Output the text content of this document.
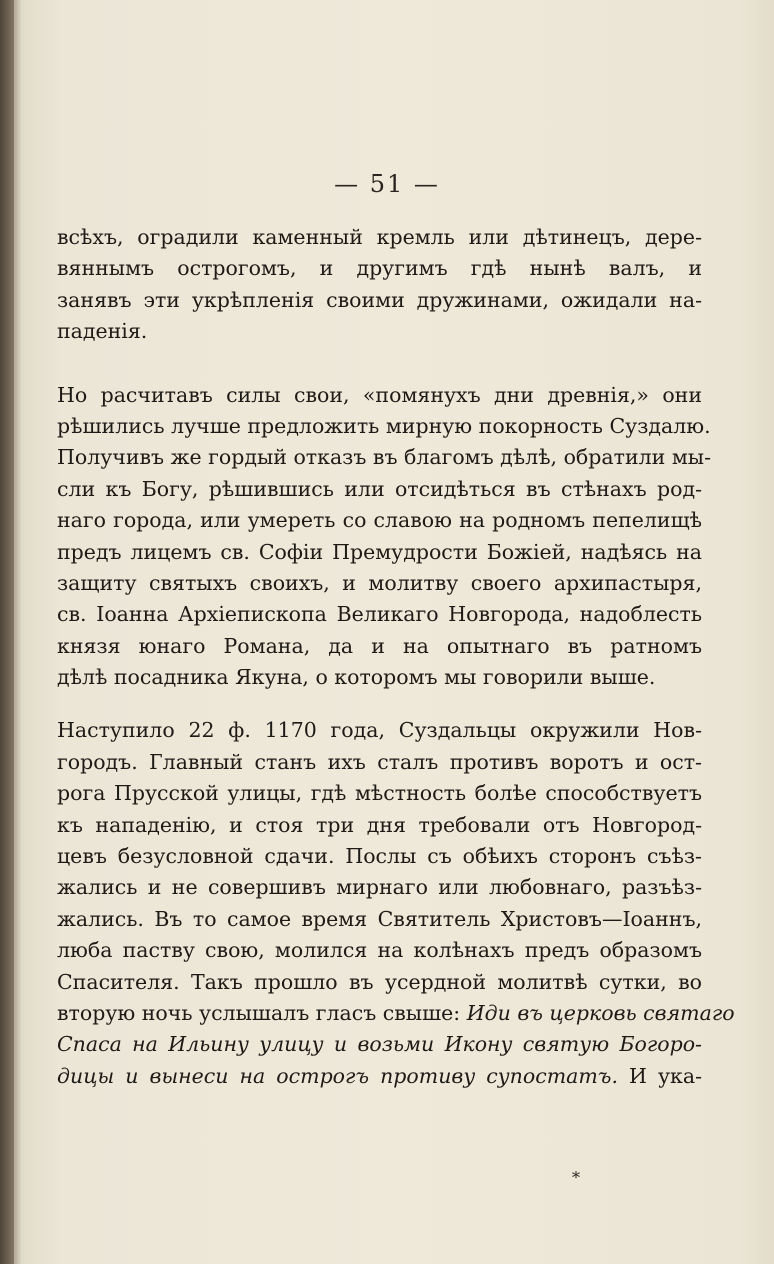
— 51 —
всѣхъ, оградили каменный кремль или дѣтинецъ, дере-
вяннымъ острогомъ, и другимъ гдѣ нынѣ валъ, и
занявъ эти укрѣпленія своими дружинами, ожидали на-
паденія.
Но расчитавъ силы свои, «помянухъ дни древнія,» они
рѣшились лучше предложить мирную покорность Суздалю.
Получивъ же гордый отказъ въ благомъ дѣлѣ, обратили мы-
сли къ Богу, рѣшившись или отсидѣться въ стѣнахъ род-
наго города, или умереть со славою на родномъ пепелищѣ
предъ лицемъ св. Софіи Премудрости Божіей, надѣясь на
защиту святыхъ своихъ, и молитву своего архипастыря,
св. Іоанна Архіепископа Великаго Новгорода, надоблесть
князя юнаго Романа, да и на опытнаго въ ратномъ
дѣлѣ посадника Якуна, о которомъ мы говорили выше.
Наступило 22 ф. 1170 года, Суздальцы окружили Нов-
городъ. Главный станъ ихъ сталъ противъ воротъ и ост-
рога Прусской улицы, гдѣ мѣстность болѣе способствуетъ
къ нападенію, и стоя три дня требовали отъ Новгород-
цевъ безусловной сдачи. Послы съ обѣихъ сторонъ съѣз-
жались и не совершивъ мирнаго или любовнаго, разъѣз-
жались. Въ то самое время Святитель Христовъ—Іоаннъ,
люба паству свою, молился на колѣнахъ предъ образомъ
Спасителя. Такъ прошло въ усердной молитвѣ сутки, во
вторую ночь услышалъ гласъ свыше: Иди въ церковь святаго
Спаса на Ильину улицу и возьми Икону святую Богоро-
дицы и вынеси на острогъ противу супостатъ. И ука-
*
